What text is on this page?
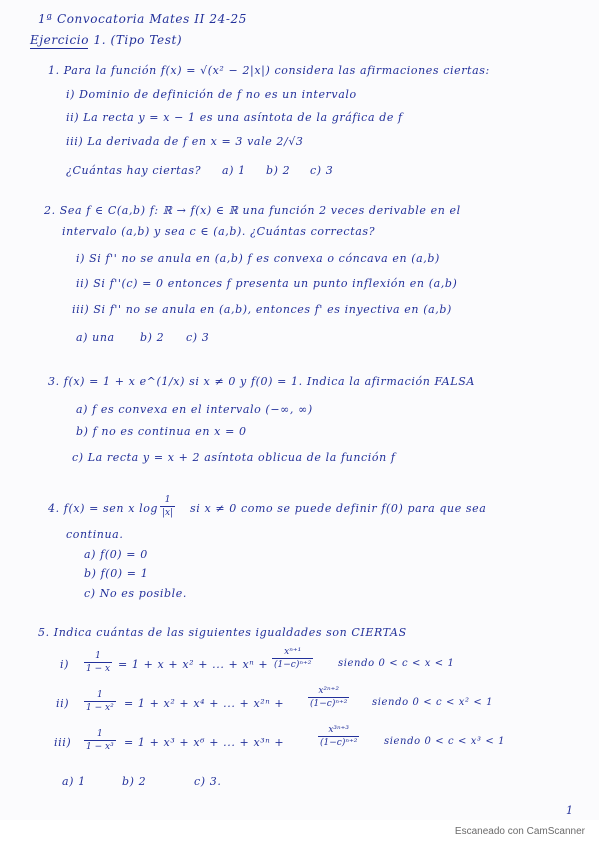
1ª Convocatoria Mates II 24-25
Ejercicio 1. (Tipo Test)
1. Para la función f(x) = √(x² − 2|x|) considera las afirmaciones ciertas:
i) Dominio de definición de f no es un intervalo
ii) La recta y = x − 1 es una asíntota de la gráfica de f
iii) La derivada de f en x = 3 vale 2/√3
¿Cuántas hay ciertas? a) 1 b) 2 c) 3
2. Sea f ∈ C(a,b) f: ℝ → f(x) ∈ ℝ una función 2 veces derivable en el
intervalo (a,b) y sea c ∈ (a,b). ¿Cuántas correctas?
i) Si f'' no se anula en (a,b) f es convexa o cóncava en (a,b)
ii) Si f''(c) = 0 entonces f presenta un punto inflexión en (a,b)
iii) Si f'' no se anula en (a,b), entonces f' es inyectiva en (a,b)
a) una b) 2 c) 3
3. f(x) = 1 + x e^(1/x) si x ≠ 0 y f(0) = 1. Indica la afirmación FALSA
a) f es convexa en el intervalo (−∞, ∞)
b) f no es continua en x = 0
c) La recta y = x + 2 asíntota oblicua de la función f
4. f(x) = sen x log
1
|x| si x ≠ 0 como se puede definir f(0) para que sea
continua.
a) f(0) = 0
b) f(0) = 1
c) No es posible.
5. Indica cuántas de las siguientes igualdades son CIERTAS
i)
1
1 − x = 1 + x + x² + ... + xⁿ +
xⁿ⁺¹
(1−c)ⁿ⁺²	siendo 0 < c < x < 1
ii)
1
1 − x² = 1 + x² + x⁴ + ... + x²ⁿ +
x²ⁿ⁺²
(1−c)ⁿ⁺² siendo 0 < c < x² < 1
iii)
1
1 − x³ = 1 + x³ + x⁶ + ... + x³ⁿ +
x³ⁿ⁺³
(1−c)ⁿ⁺²	siendo 0 < c < x³ < 1
a) 1	b) 2	c) 3.
1
Escaneado con CamScanner
